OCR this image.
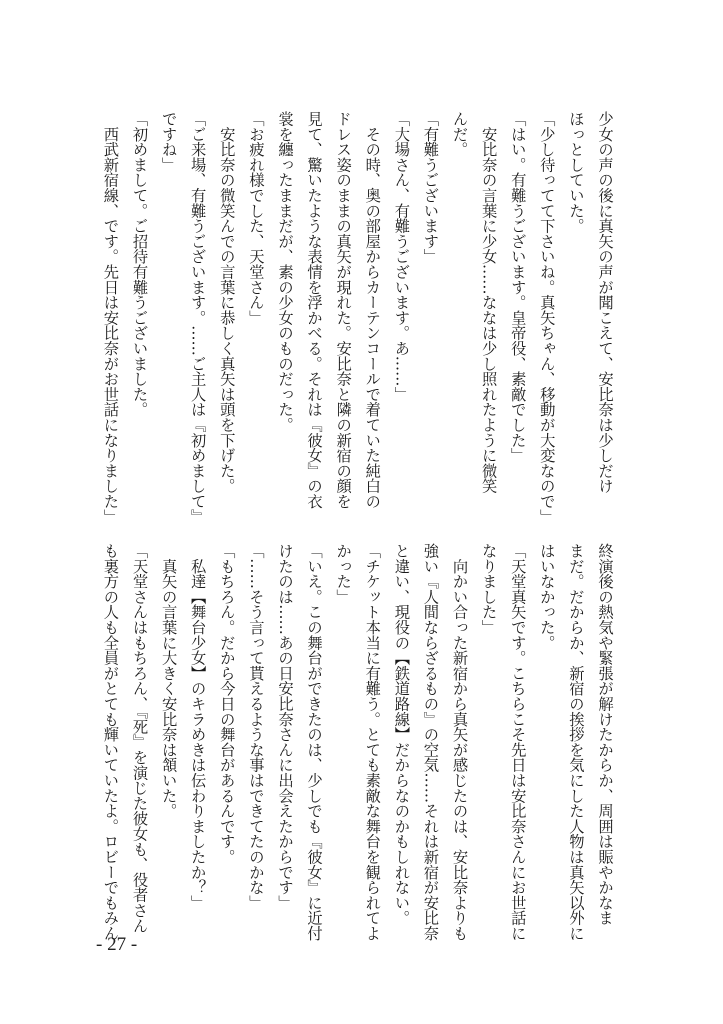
少女の声の後に真矢の声が聞こえて、安比奈は少しだけ
ほっとしていた。
「少し待ってて下さいね。真矢ちゃん、移動が大変なので」
「はい。有難うございます。皇帝役、素敵でした」
　安比奈の言葉に少女……ななは少し照れたように微笑
んだ。
「有難うございます」
「大場さん、有難うございます。あ……」
　その時、奥の部屋からカーテンコールで着ていた純白の
ドレス姿のままの真矢が現れた。安比奈と隣の新宿の顔を
見て、驚いたような表情を浮かべる。それは『彼女』の衣
裳を纏ったままだが、素の少女のものだった。
「お疲れ様でした、天堂さん」
　安比奈の微笑んでの言葉に恭しく真矢は頭を下げた。
「ご来場、有難うございます。……ご主人は『初めまして』
ですね」
「初めまして。ご招待有難うございました。
　西武新宿線、です。先日は安比奈がお世話になりました」
終演後の熱気や緊張が解けたからか、周囲は賑やかなま
まだ。だからか、新宿の挨拶を気にした人物は真矢以外に
はいなかった。
「天堂真矢です。こちらこそ先日は安比奈さんにお世話に
なりました」
　向かい合った新宿から真矢が感じたのは、安比奈よりも
強い『人間ならざるもの』の空気……それは新宿が安比奈
と違い、現役の【鉄道路線】だからなのかもしれない。
「チケット本当に有難う。とても素敵な舞台を観られてよ
かった」
「いえ。この舞台ができたのは、少しでも『彼女』に近付
けたのは……あの日安比奈さんに出会えたからです」
「……そう言って貰えるような事はできてたのかな」
「もちろん。だから今日の舞台があるんです。
　私達【舞台少女】のキラめきは伝わりましたか？」
　真矢の言葉に大きく安比奈は頷いた。
「天堂さんはもちろん、『死』を演じた彼女も、役者さん
も裏方の人も全員がとても輝いていたよ。ロビーでもみん
- 27 -
